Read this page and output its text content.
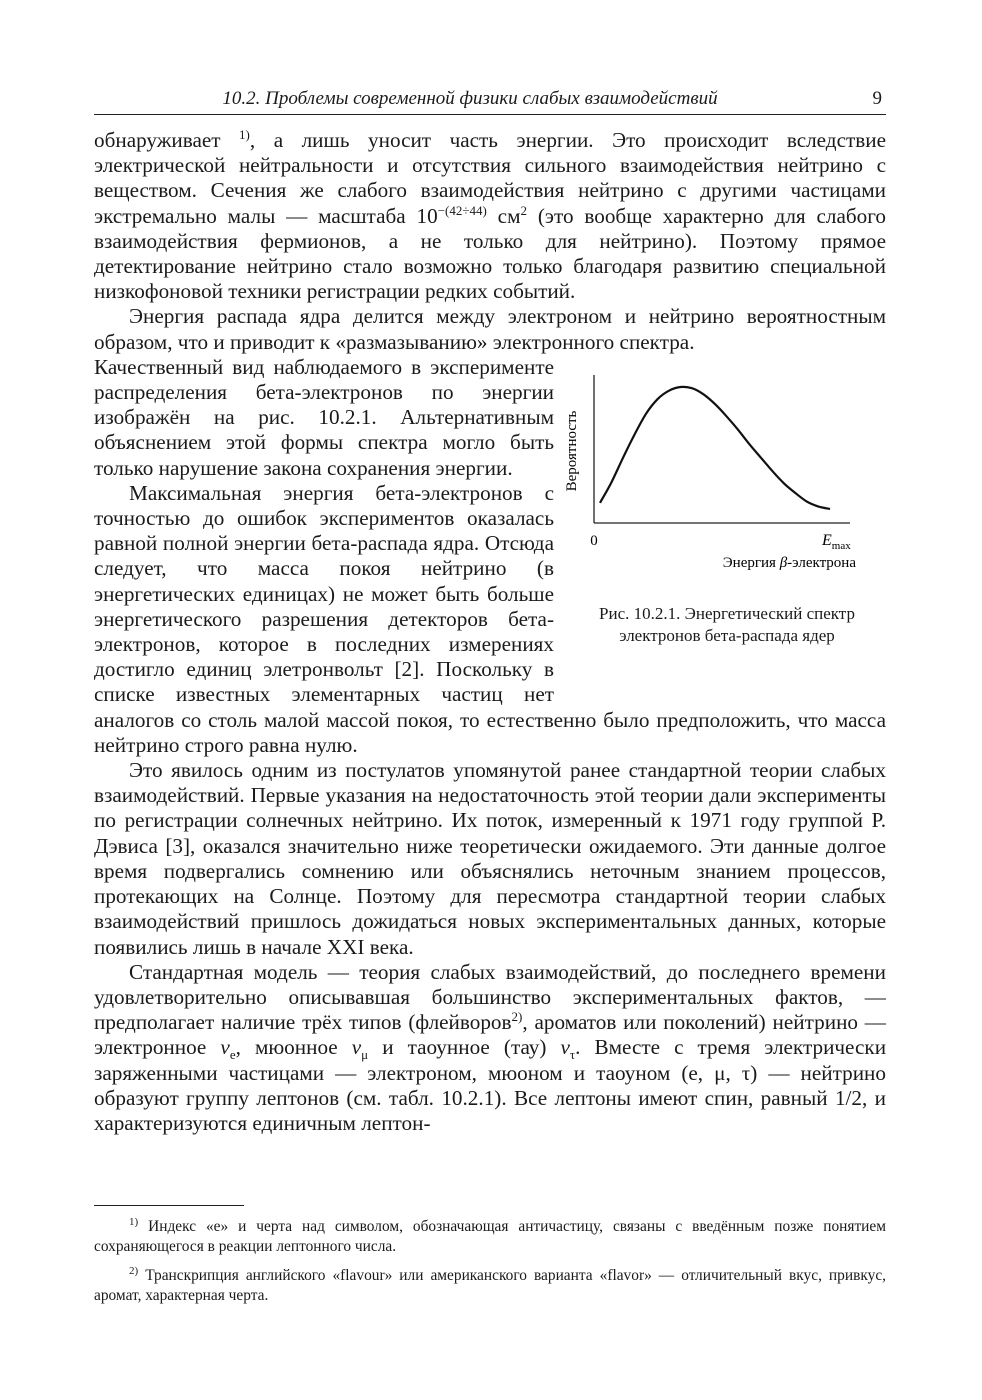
10.2. Проблемы современной физики слабых взаимодействий	9

обнаруживает $^{1)}$, а лишь уносит часть энергии. Это происходит вследствие электрической нейтральности и отсутствия сильного взаимодействия нейтрино с веществом. Сечения же слабого взаимодействия нейтрино с другими частицами экстремально малы — масштаба $10^{-(42\div 44)}$ $см^2$ (это вообще характерно для слабого взаимодействия фермионов, а не только для нейтрино). Поэтому прямое детектирование нейтрино стало возможно только благодаря развитию специальной низкофоновой техники регистрации редких событий.

Энергия распада ядра делится между электроном и нейтрино вероятностным образом, что и приводит к «размазыванию» электронного спектра.

Вероятность
0	$E_{max}$
Энергия β-электрона
Рис. 10.2.1. Энергетический спектр
электронов бета-распада ядер

Качественный вид наблюдаемого в эксперименте распределения бета-электронов по энергии изображён на рис. 10.2.1. Альтернативным объяснением этой формы спектра могло быть только нарушение закона сохранения энергии.

Максимальная энергия бета-электронов с точностью до ошибок экспериментов оказалась равной полной энергии бета-распада ядра. Отсюда следует, что масса покоя нейтрино (в энергетических единицах) не может быть больше энергетического разрешения детекторов бета-электронов, которое в последних измерениях достигло единиц элетронвольт [2]. Поскольку в списке известных элементарных частиц нет аналогов со столь малой массой покоя, то естественно было предположить, что масса нейтрино строго равна нулю.

Это явилось одним из постулатов упомянутой ранее стандартной теории слабых взаимодействий. Первые указания на недостаточность этой теории дали эксперименты по регистрации солнечных нейтрино. Их поток, измеренный к 1971 году группой Р. Дэвиса [3], оказался значительно ниже теоретически ожидаемого. Эти данные долгое время подвергались сомнению или объяснялись неточным знанием процессов, протекающих на Солнце. Поэтому для пересмотра стандартной теории слабых взаимодействий пришлось дожидаться новых экспериментальных данных, которые появились лишь в начале XXI века.

Стандартная модель — теория слабых взаимодействий, до последнего времени удовлетворительно описывавшая большинство экспериментальных фактов, — предполагает наличие трёх типов (флейворов$^{2)}$, ароматов или поколений) нейтрино — электронное $\nu_e$, мюонное $\nu_\mu$ и таоунное (тау) $\nu_\tau$. Вместе с тремя электрически заряженными частицами — электроном, мюоном и таоуном (e, μ, τ) — нейтрино образуют группу лептонов (см. табл. 10.2.1). Все лептоны имеют спин, равный 1/2, и характеризуются единичным лептон-

$^{1)}$ Индекс «e» и черта над символом, обозначающая античастицу, связаны с введённым позже понятием сохраняющегося в реакции лептонного числа.

$^{2)}$ Транскрипция английского «flavour» или американского варианта «flavor» — отличительный вкус, привкус, аромат, характерная черта.
